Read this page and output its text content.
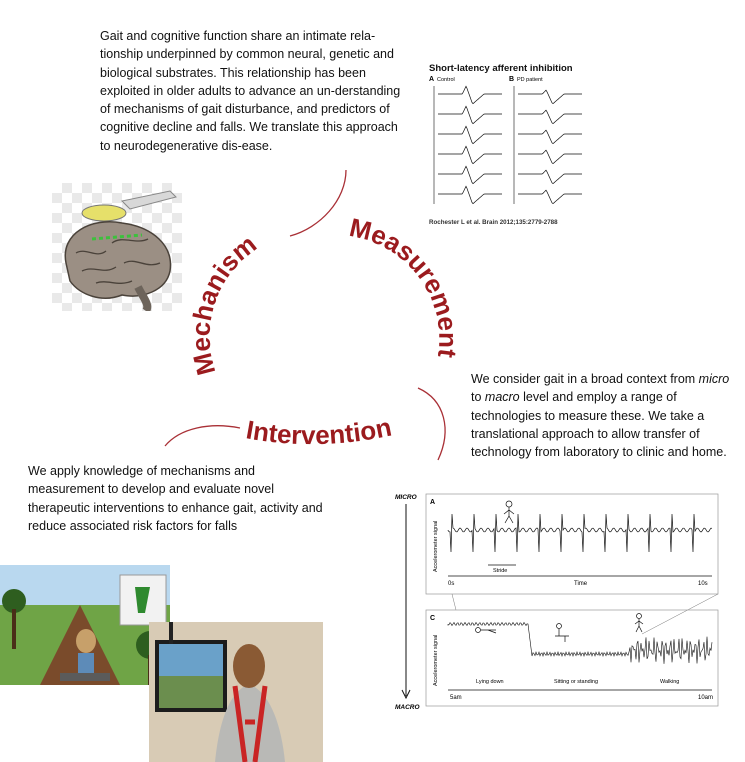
Gait and cognitive function share an intimate rela-tionship underpinned by common neural, genetic and biological substrates. This relationship has been exploited in older adults to advance an un-derstanding of mechanisms of gait disturbance, and predictors of cognitive decline and falls. We translate this approach to neurodegenerative dis-ease.

We consider gait in a broad context from micro to macro level and employ a range of technologies to measure these. We take a translational approach to allow transfer of technology from laboratory to clinic and home.

We apply knowledge of mechanisms and measurement to develop and evaluate novel therapeutic interventions to enhance gait, activity and reduce associated risk factors for falls

Mechanism	Measurement
Intervention
Short-latency afferent inhibition
A Control	B PD patient
Rochester L et al. Brain 2012;135:2779-2788
MICRO
MACRO
A
Accelerometer signal	Stride
0s	Time	10s
C
Accelerometer signal	Lying down	Sitting or standing	Walking
5am	10am
